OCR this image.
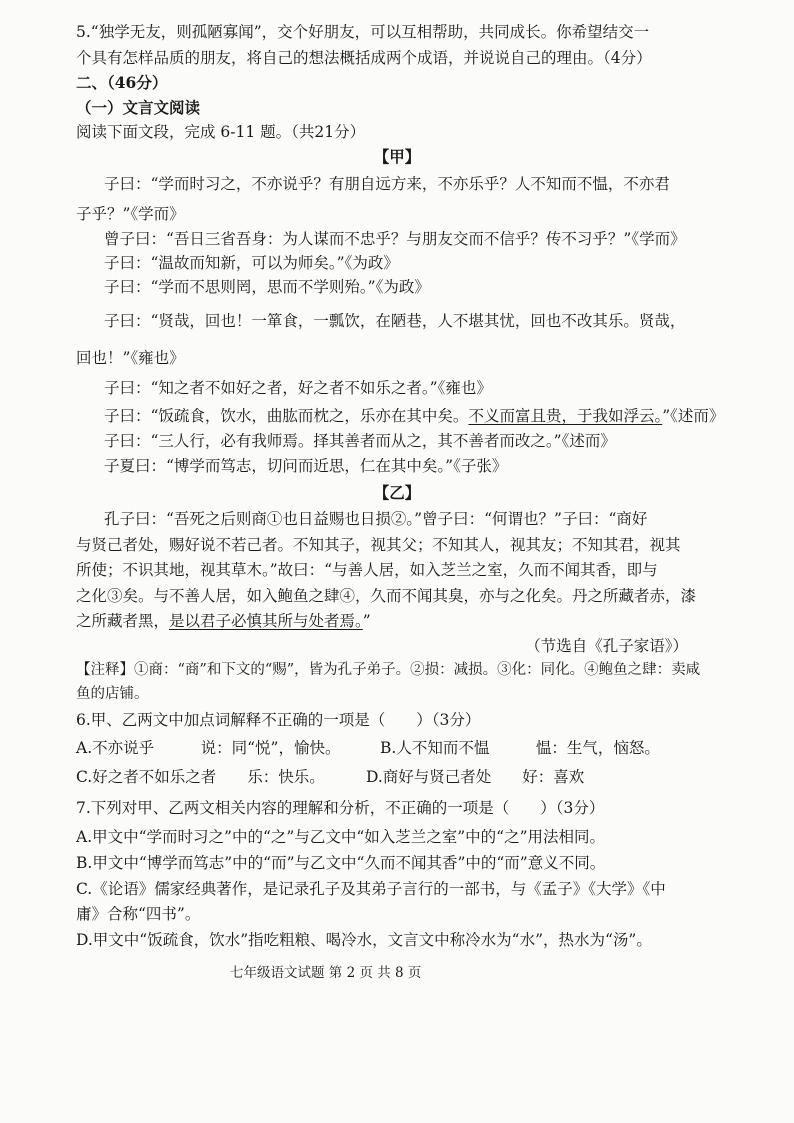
5.“独学无友，则孤陋寡闻”，交个好朋友，可以互相帮助，共同成长。你希望结交一
个具有怎样品质的朋友，将自己的想法概括成两个成语，并说说自己的理由。（4分）
二、（46分）
（一）文言文阅读
阅读下面文段，完成 6-11 题。（共21分）
【甲】
子曰：“学而时习之，不亦说乎？有朋自远方来，不亦乐乎？人不知而不愠，不亦君
子乎？”《学而》
曾子曰：“吾日三省吾身：为人谋而不忠乎？与朋友交而不信乎？传不习乎？”《学而》
子曰：“温故而知新，可以为师矣。”《为政》
子曰：“学而不思则罔，思而不学则殆。”《为政》
子曰：“贤哉，回也！一箪食，一瓢饮，在陋巷，人不堪其忧，回也不改其乐。贤哉，
回也！”《雍也》
子曰：“知之者不如好之者，好之者不如乐之者。”《雍也》
子曰：“饭疏食，饮水，曲肱而枕之，乐亦在其中矣。不义而富且贵，于我如浮云。”《述而》
子曰：“三人行，必有我师焉。择其善者而从之，其不善者而改之。”《述而》
子夏曰：“博学而笃志，切问而近思，仁在其中矣。”《子张》
【乙】
孔子曰：“吾死之后则商①也日益赐也日损②。”曾子曰：“何谓也？”子曰：“商好
与贤己者处，赐好说不若己者。不知其子，视其父；不知其人，视其友；不知其君，视其
所使；不识其地，视其草木。”故曰：“与善人居，如入芝兰之室，久而不闻其香，即与
之化③矣。与不善人居，如入鲍鱼之肆④，久而不闻其臭，亦与之化矣。丹之所藏者赤，漆
之所藏者黑，是以君子必慎其所与处者焉。”
（节选自《孔子家语》）
【注释】①商：“商”和下文的“赐”，皆为孔子弟子。②损：减损。③化：同化。④鲍鱼之肆：卖咸
鱼的店铺。
6.甲、乙两文中加点词解释不正确的一项是（　　）（3分）
A.不亦说乎　　　说：同“悦”，愉快。	B.人不知而不愠　　　愠：生气，恼怒。
C.好之者不如乐之者　　乐：快乐。	D.商好与贤己者处　　好：喜欢
7.下列对甲、乙两文相关内容的理解和分析，不正确的一项是（　　）（3分）
A.甲文中“学而时习之”中的“之”与乙文中“如入芝兰之室”中的“之”用法相同。
B.甲文中“博学而笃志”中的“而”与乙文中“久而不闻其香”中的“而”意义不同。
C.《论语》儒家经典著作，是记录孔子及其弟子言行的一部书，与《孟子》《大学》《中
庸》合称“四书”。
D.甲文中“饭疏食，饮水”指吃粗粮、喝冷水，文言文中称冷水为“水”，热水为“汤”。
七年级语文试题 第 2 页 共 8 页
